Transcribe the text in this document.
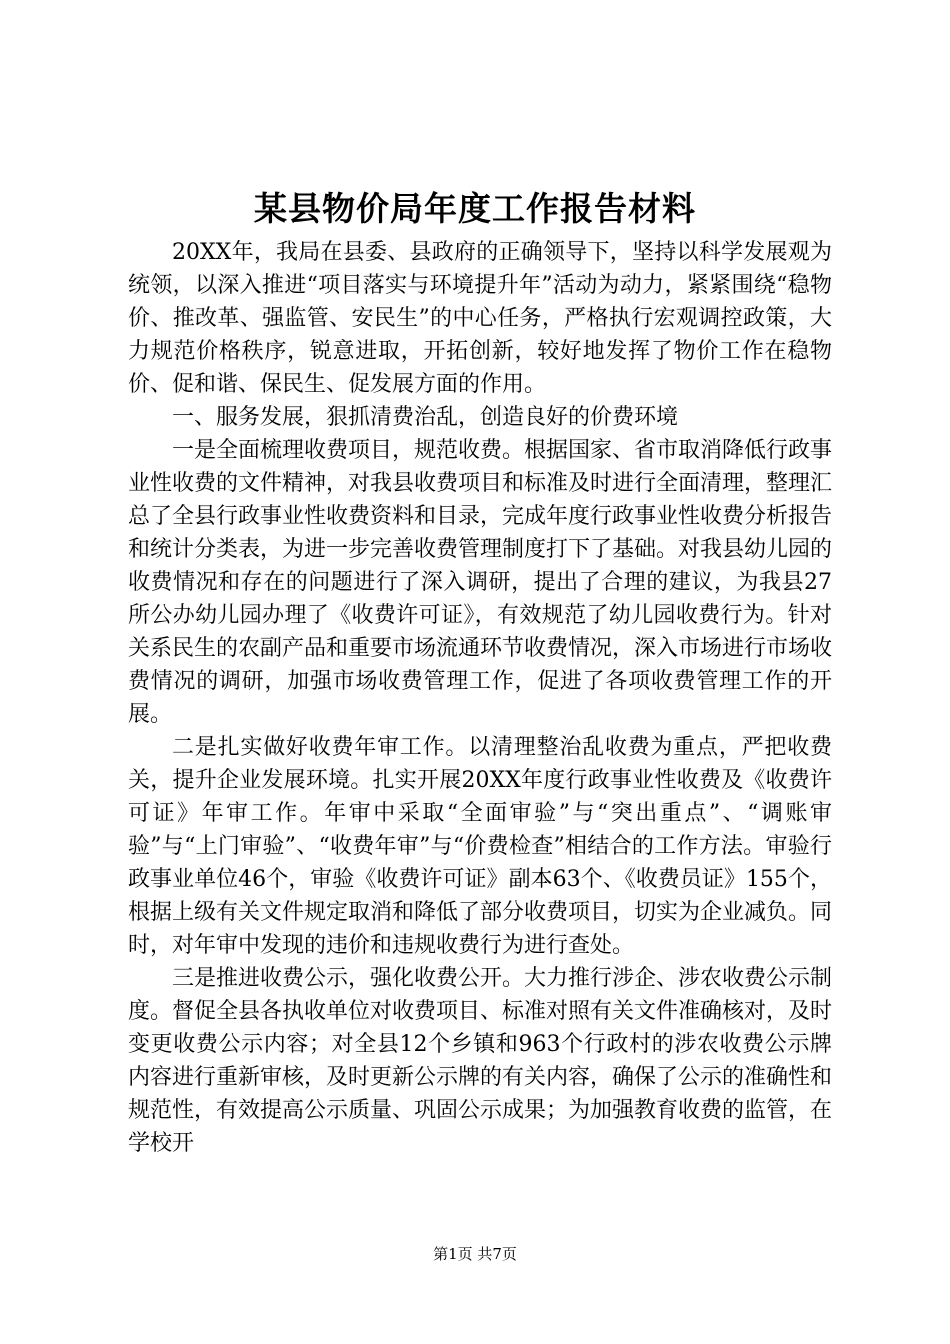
某县物价局年度工作报告材料

20XX年，我局在县委、县政府的正确领导下，坚持以科学发展观为统领，以深入推进“项目落实与环境提升年”活动为动力，紧紧围绕“稳物价、推改革、强监管、安民生”的中心任务，严格执行宏观调控政策，大力规范价格秩序，锐意进取，开拓创新，较好地发挥了物价工作在稳物价、促和谐、保民生、促发展方面的作用。

一、服务发展，狠抓清费治乱，创造良好的价费环境

一是全面梳理收费项目，规范收费。根据国家、省市取消降低行政事业性收费的文件精神，对我县收费项目和标准及时进行全面清理，整理汇总了全县行政事业性收费资料和目录，完成年度行政事业性收费分析报告和统计分类表，为进一步完善收费管理制度打下了基础。对我县幼儿园的收费情况和存在的问题进行了深入调研，提出了合理的建议，为我县27所公办幼儿园办理了《收费许可证》，有效规范了幼儿园收费行为。针对关系民生的农副产品和重要市场流通环节收费情况，深入市场进行市场收费情况的调研，加强市场收费管理工作，促进了各项收费管理工作的开展。

二是扎实做好收费年审工作。以清理整治乱收费为重点，严把收费关，提升企业发展环境。扎实开展20XX年度行政事业性收费及《收费许可证》年审工作。年审中采取“全面审验”与“突出重点”、“调账审验”与“上门审验”、“收费年审”与“价费检查”相结合的工作方法。审验行政事业单位46个，审验《收费许可证》副本63个、《收费员证》155个，根据上级有关文件规定取消和降低了部分收费项目，切实为企业减负。同时，对年审中发现的违价和违规收费行为进行查处。

三是推进收费公示，强化收费公开。大力推行涉企、涉农收费公示制度。督促全县各执收单位对收费项目、标准对照有关文件准确核对，及时变更收费公示内容；对全县12个乡镇和963个行政村的涉农收费公示牌内容进行重新审核，及时更新公示牌的有关内容，确保了公示的准确性和规范性，有效提高公示质量、巩固公示成果；为加强教育收费的监管，在学校开

第1页 共7页
